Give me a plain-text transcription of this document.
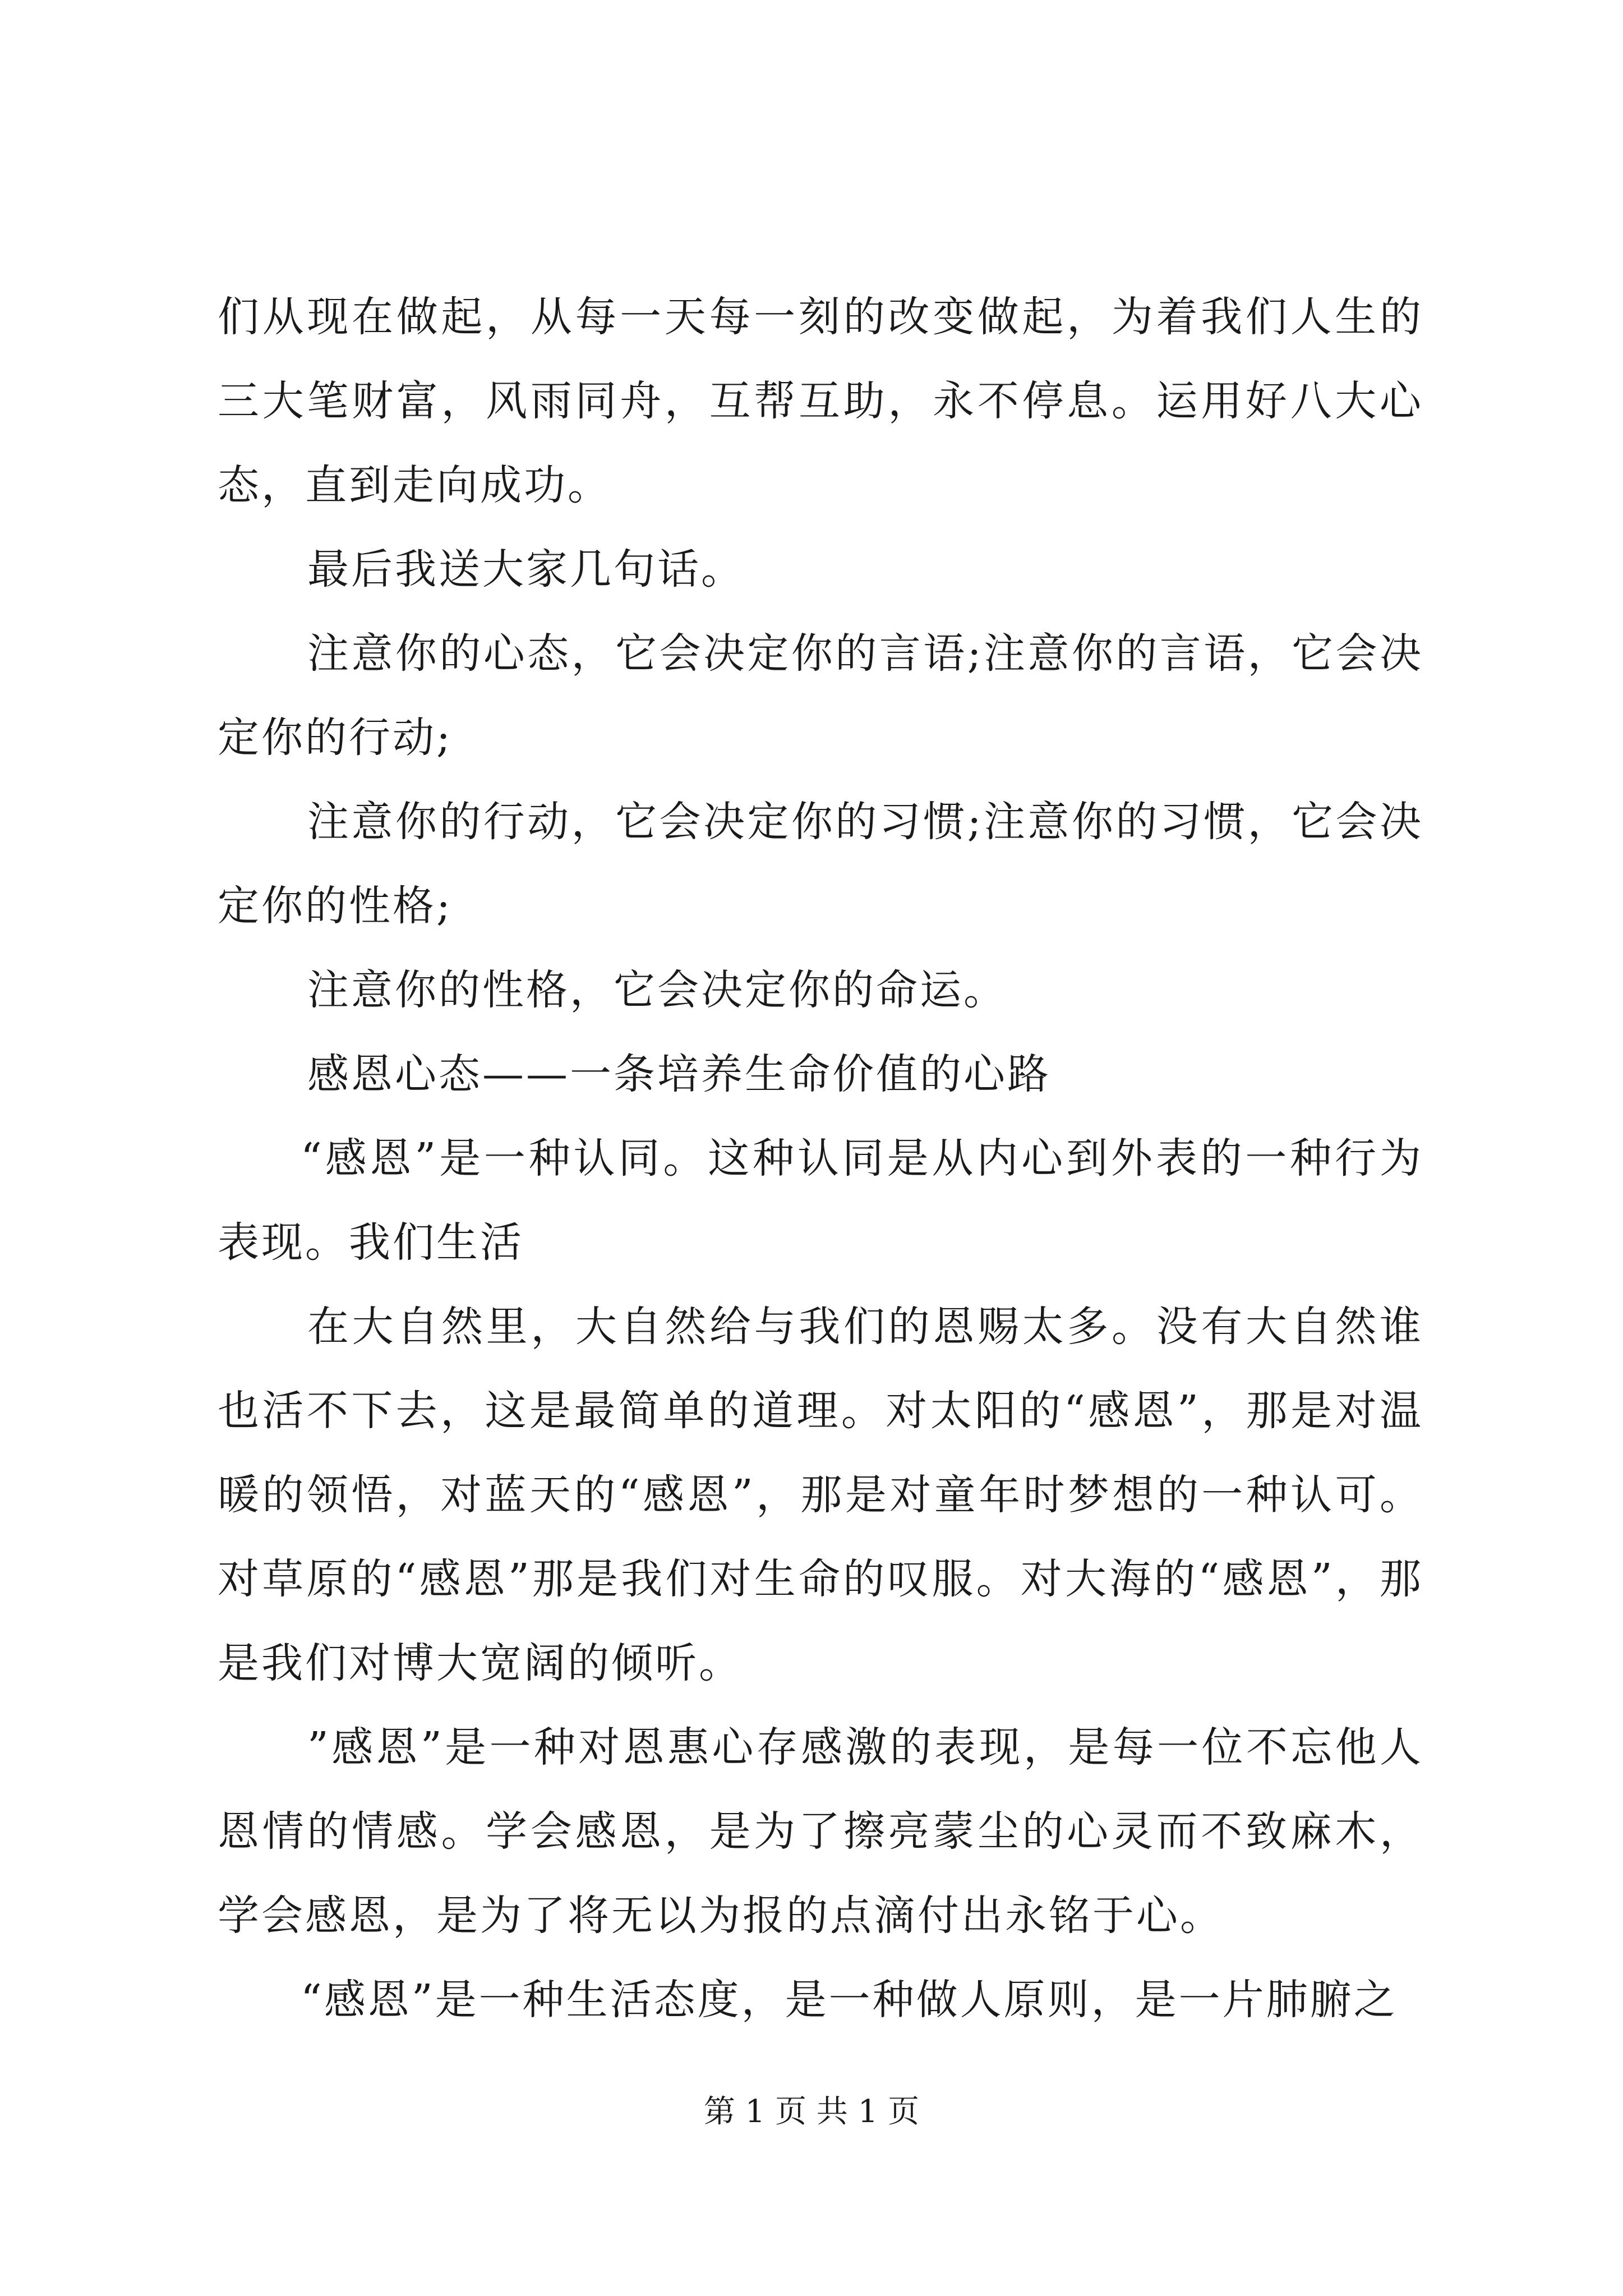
们从现在做起，从每一天每一刻的改变做起，为着我们人生的三大笔财富，风雨同舟，互帮互助，永不停息。运用好八大心态，直到走向成功。

最后我送大家几句话。

注意你的心态，它会决定你的言语;注意你的言语，它会决定你的行动;

注意你的行动，它会决定你的习惯;注意你的习惯，它会决定你的性格;

注意你的性格，它会决定你的命运。

感恩心态——一条培养生命价值的心路

“感恩”是一种认同。这种认同是从内心到外表的一种行为表现。我们生活

在大自然里，大自然给与我们的恩赐太多。没有大自然谁也活不下去，这是最简单的道理。对太阳的“感恩”，那是对温暖的领悟，对蓝天的“感恩”，那是对童年时梦想的一种认可。对草原的“感恩”那是我们对生命的叹服。对大海的“感恩”，那是我们对博大宽阔的倾听。

”感恩”是一种对恩惠心存感激的表现，是每一位不忘他人恩情的情感。学会感恩，是为了擦亮蒙尘的心灵而不致麻木，学会感恩，是为了将无以为报的点滴付出永铭于心。

“感恩”是一种生活态度，是一种做人原则，是一片肺腑之

第 1 页 共 1 页
